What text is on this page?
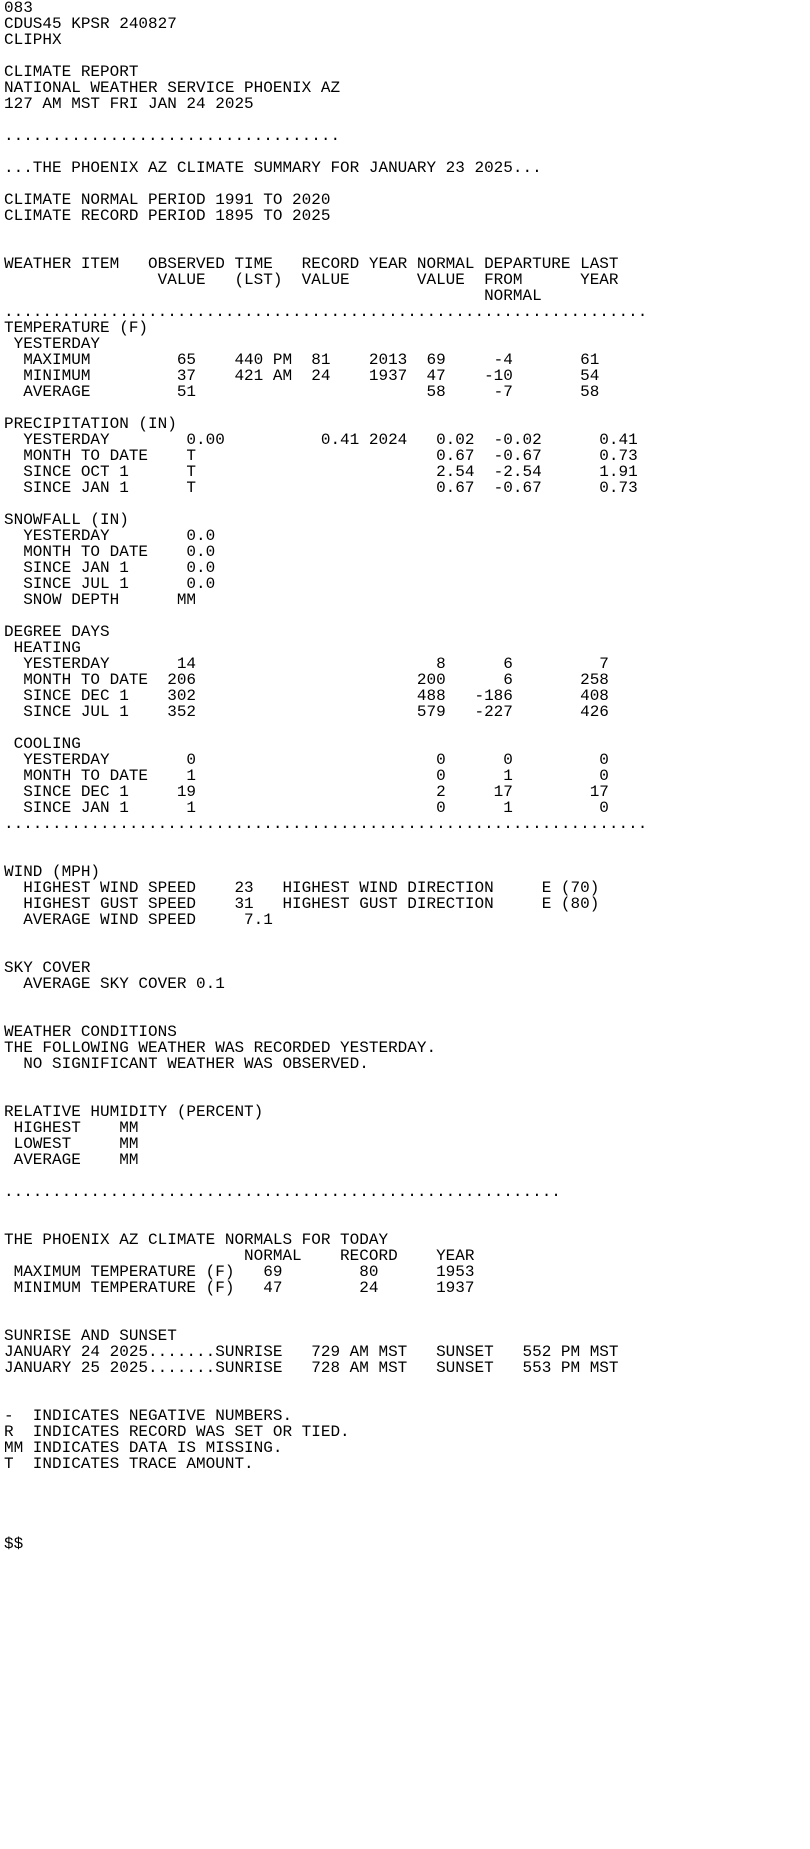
083
CDUS45 KPSR 240827
CLIPHX
CLIMATE REPORT
NATIONAL WEATHER SERVICE PHOENIX AZ
127 AM MST FRI JAN 24 2025
...................................
...THE PHOENIX AZ CLIMATE SUMMARY FOR JANUARY 23 2025...
CLIMATE NORMAL PERIOD 1991 TO 2020
CLIMATE RECORD PERIOD 1895 TO 2025
WEATHER ITEM   OBSERVED TIME   RECORD YEAR NORMAL DEPARTURE LAST
VALUE   (LST)  VALUE       VALUE  FROM      YEAR
NORMAL
...................................................................
TEMPERATURE (F)
YESTERDAY
MAXIMUM         65    440 PM  81    2013  69     -4       61
MINIMUM         37    421 AM  24    1937  47    -10       54
AVERAGE         51                        58     -7       58
PRECIPITATION (IN)
YESTERDAY        0.00          0.41 2024   0.02  -0.02      0.41
MONTH TO DATE    T                         0.67  -0.67      0.73
SINCE OCT 1      T                         2.54  -2.54      1.91
SINCE JAN 1      T                         0.67  -0.67      0.73
SNOWFALL (IN)
YESTERDAY        0.0
MONTH TO DATE    0.0
SINCE JAN 1      0.0
SINCE JUL 1      0.0
SNOW DEPTH      MM
DEGREE DAYS
HEATING
YESTERDAY       14                         8      6         7
MONTH TO DATE  206                       200      6       258
SINCE DEC 1    302                       488   -186       408
SINCE JUL 1    352                       579   -227       426
COOLING
YESTERDAY        0                         0      0         0
MONTH TO DATE    1                         0      1         0
SINCE DEC 1     19                         2     17        17
SINCE JAN 1      1                         0      1         0
...................................................................
WIND (MPH)
HIGHEST WIND SPEED    23   HIGHEST WIND DIRECTION     E (70)
HIGHEST GUST SPEED    31   HIGHEST GUST DIRECTION     E (80)
AVERAGE WIND SPEED     7.1
SKY COVER
AVERAGE SKY COVER 0.1
WEATHER CONDITIONS
THE FOLLOWING WEATHER WAS RECORDED YESTERDAY.
NO SIGNIFICANT WEATHER WAS OBSERVED.
RELATIVE HUMIDITY (PERCENT)
HIGHEST    MM
LOWEST     MM
AVERAGE    MM
..........................................................
THE PHOENIX AZ CLIMATE NORMALS FOR TODAY
NORMAL    RECORD    YEAR
MAXIMUM TEMPERATURE (F)   69        80      1953
MINIMUM TEMPERATURE (F)   47        24      1937
SUNRISE AND SUNSET
JANUARY 24 2025.......SUNRISE   729 AM MST   SUNSET   552 PM MST
JANUARY 25 2025.......SUNRISE   728 AM MST   SUNSET   553 PM MST
-  INDICATES NEGATIVE NUMBERS.
R  INDICATES RECORD WAS SET OR TIED.
MM INDICATES DATA IS MISSING.
T  INDICATES TRACE AMOUNT.
$$
